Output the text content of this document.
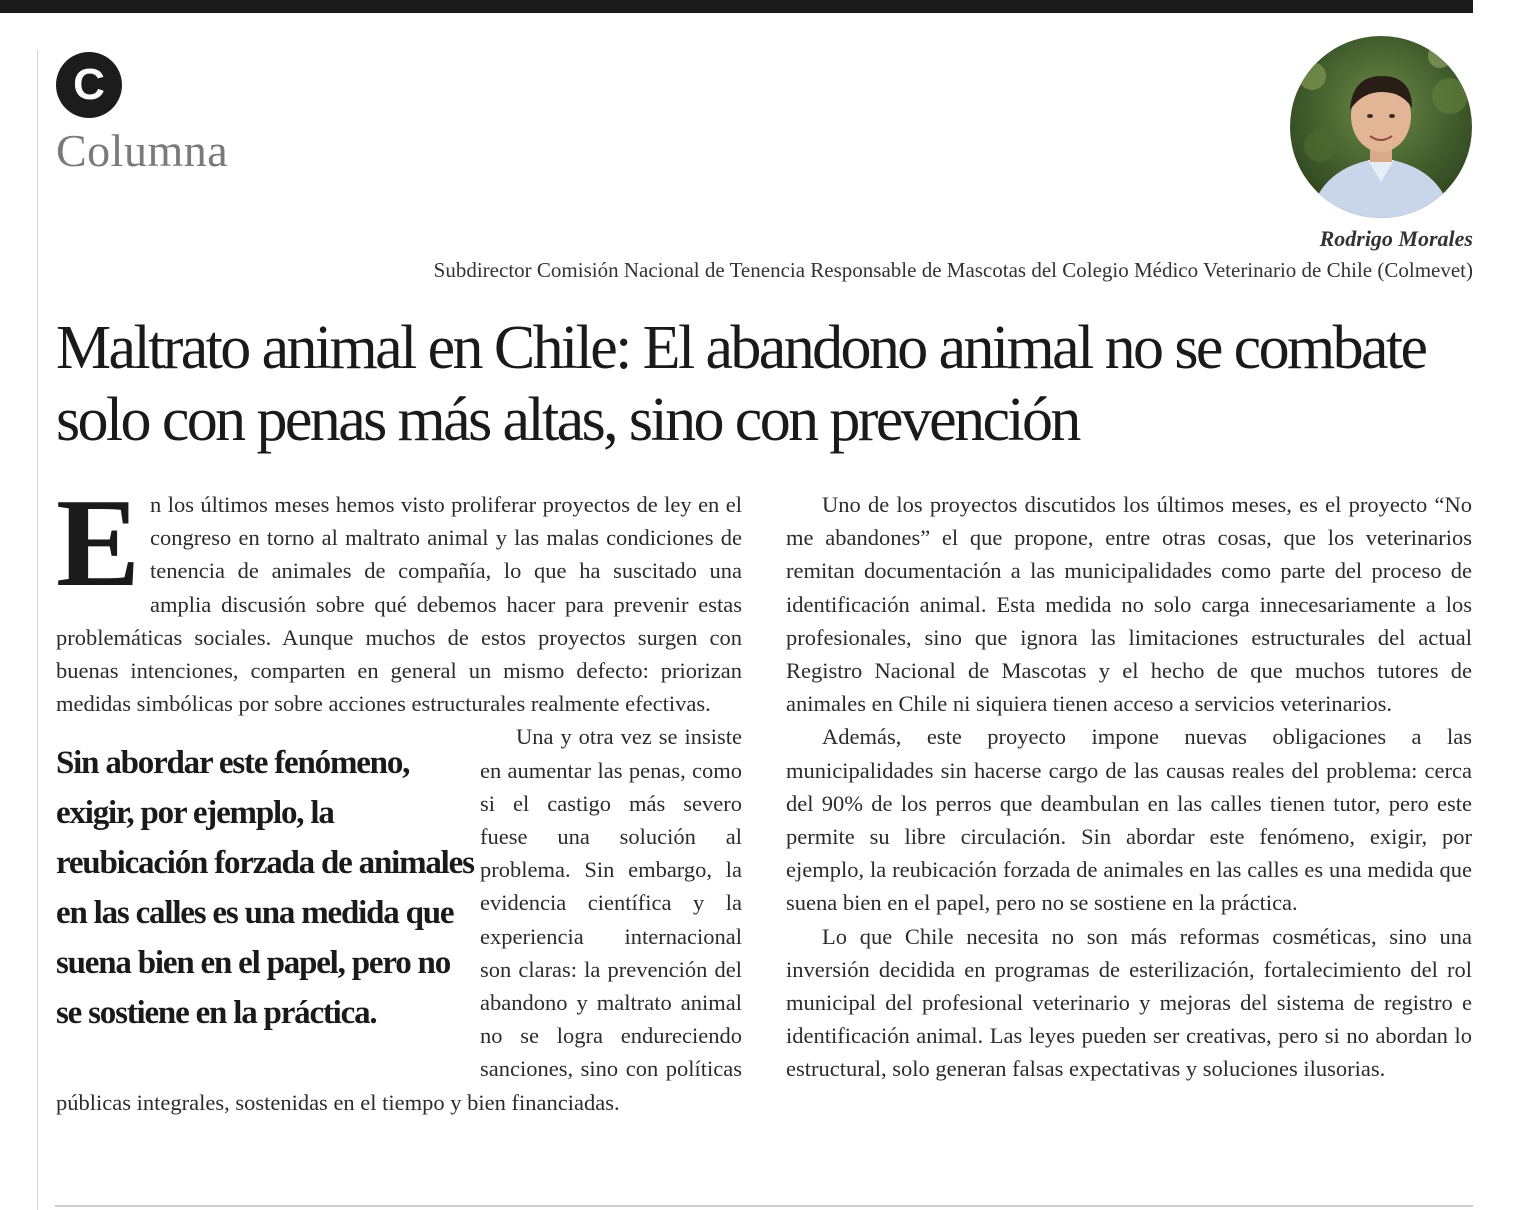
C
Columna
Rodrigo Morales
Subdirector Comisión Nacional de Tenencia Responsable de Mascotas del Colegio Médico Veterinario de Chile (Colmevet)
Maltrato animal en Chile: El abandono animal no se combate solo con penas más altas, sino con prevención
E n los últimos meses hemos visto proliferar proyectos de ley en el congreso en torno al maltrato animal y las malas condiciones de tenencia de animales de compañía, lo que ha suscitado una amplia discusión sobre qué debemos hacer para prevenir estas problemáticas sociales. Aunque muchos de estos proyectos surgen con buenas intenciones, comparten en general un mismo defecto: priorizan medidas simbólicas por sobre acciones estructurales realmente efectivas.

Sin abordar este fenómeno, exigir, por ejemplo, la reubicación forzada de animales en las calles es una medida que suena bien en el papel, pero no se sostiene en la práctica.

Una y otra vez se insiste en aumentar las penas, como si el castigo más severo fuese una solución al problema. Sin embargo, la evidencia científica y la experiencia internacional son claras: la prevención del abandono y maltrato animal no se logra endureciendo sanciones, sino con políticas públicas integrales, sostenidas en el tiempo y bien financiadas.

Uno de los proyectos discutidos los últimos meses, es el proyecto “No me abandones” el que propone, entre otras cosas, que los veterinarios remitan documentación a las municipalidades como parte del proceso de identificación animal. Esta medida no solo carga innecesariamente a los profesionales, sino que ignora las limitaciones estructurales del actual Registro Nacional de Mascotas y el hecho de que muchos tutores de animales en Chile ni siquiera tienen acceso a servicios veterinarios.

Además, este proyecto impone nuevas obligaciones a las municipalidades sin hacerse cargo de las causas reales del problema: cerca del 90% de los perros que deambulan en las calles tienen tutor, pero este permite su libre circulación. Sin abordar este fenómeno, exigir, por ejemplo, la reubicación forzada de animales en las calles es una medida que suena bien en el papel, pero no se sostiene en la práctica.

Lo que Chile necesita no son más reformas cosméticas, sino una inversión decidida en programas de esterilización, fortalecimiento del rol municipal del profesional veterinario y mejoras del sistema de registro e identificación animal. Las leyes pueden ser creativas, pero si no abordan lo estructural, solo generan falsas expectativas y soluciones ilusorias.
